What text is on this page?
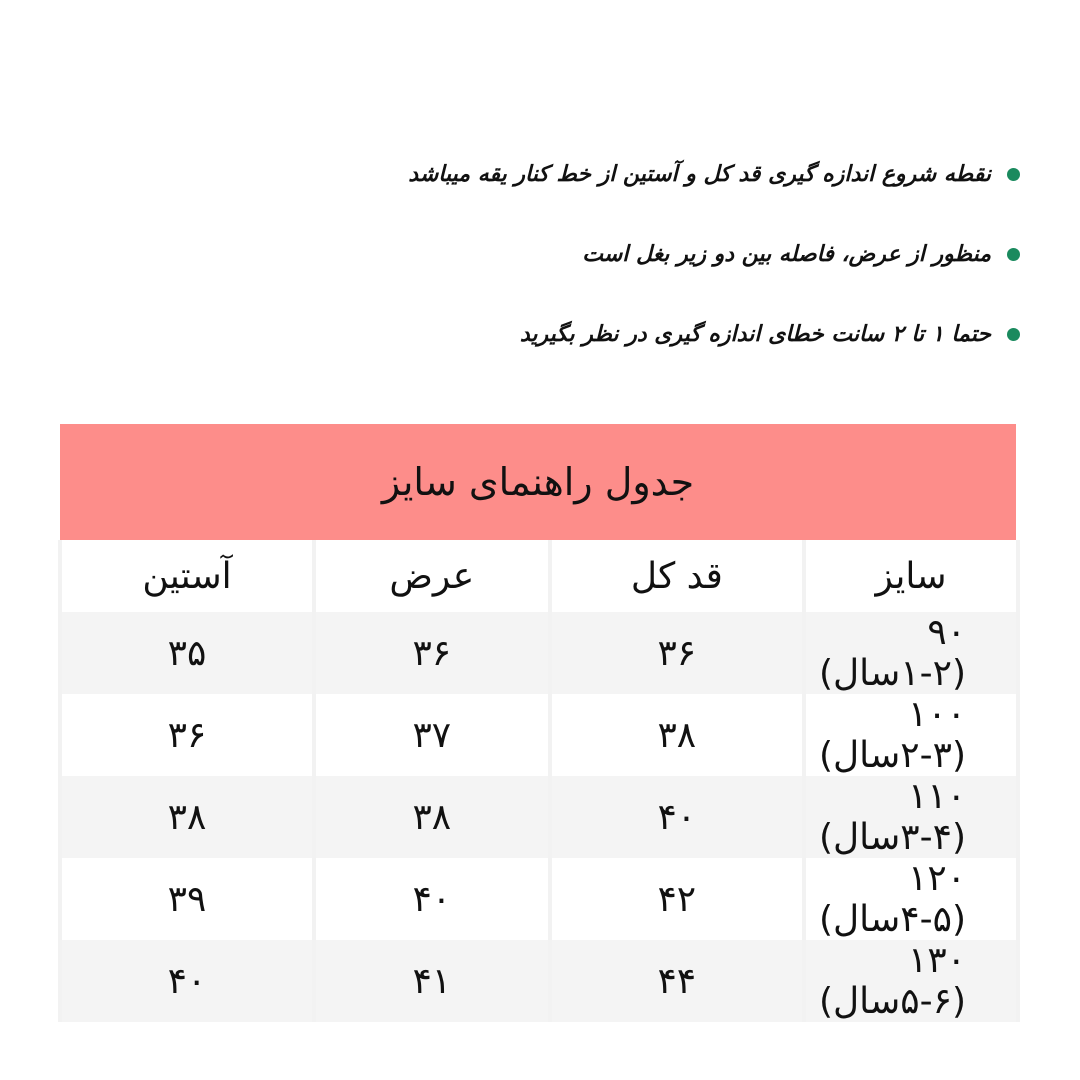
نقطه شروع اندازه گیری قد کل و آستین از خط کنار یقه میباشد
منظور از عرض، فاصله بین دو زیر بغل است
حتما ۱ تا ۲ سانت خطای اندازه گیری در نظر بگیرید
جدول راهنمای سایز
سایز	قد کل	عرض	آستین
۹۰ (۱-۲سال)	۳۶	۳۶	۳۵
۱۰۰ (۲-۳سال)	۳۸	۳۷	۳۶
۱۱۰ (۳-۴سال)	۴۰	۳۸	۳۸
۱۲۰ (۴-۵سال)	۴۲	۴۰	۳۹
۱۳۰ (۵-۶سال)	۴۴	۴۱	۴۰
